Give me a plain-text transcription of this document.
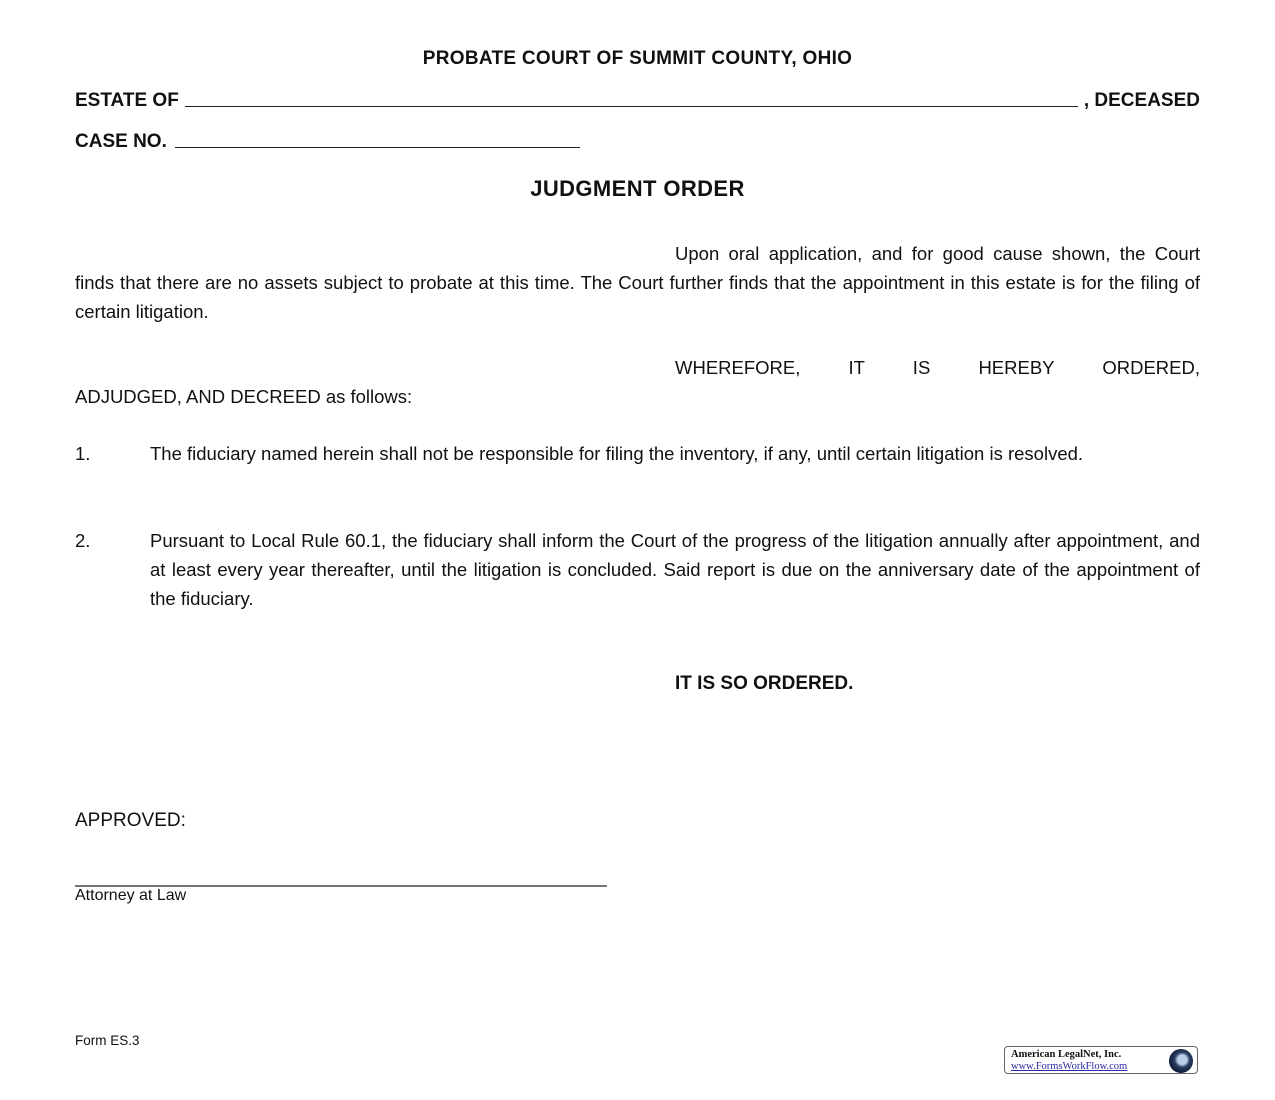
PROBATE COURT OF SUMMIT COUNTY, OHIO
ESTATE OF	, DECEASED
CASE NO.
JUDGMENT ORDER
Upon oral application, and for good cause shown, the Court finds that there are no assets subject to probate at this time. The Court further finds that the appointment in this estate is for the filing of certain litigation.
WHEREFORE, IT IS HEREBY ORDERED,
ADJUDGED, AND DECREED as follows:
1.	The fiduciary named herein shall not be responsible for filing the inventory, if any, until certain litigation is resolved.
2.	Pursuant to Local Rule 60.1, the fiduciary shall inform the Court of the progress of the litigation annually after appointment, and at least every year thereafter, until the litigation is concluded. Said report is due on the anniversary date of the appointment of the fiduciary.
IT IS SO ORDERED.
APPROVED:
Attorney at Law
Form ES.3
American LegalNet, Inc.
www.FormsWorkFlow.com
